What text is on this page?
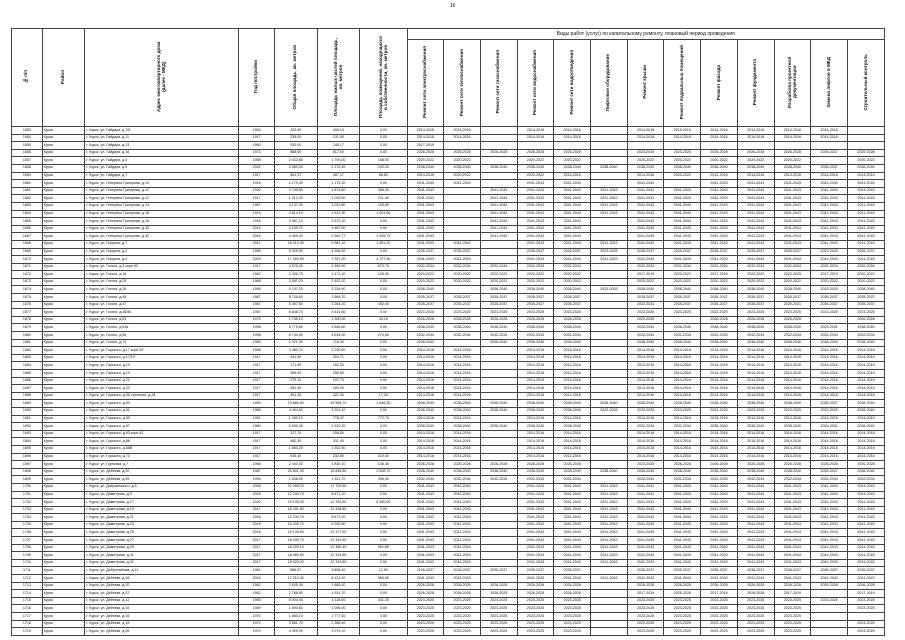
16
№ п/п	Район	Адрес многоквартирного дома (далее - МКД)	Год постройки	Общая площадь, кв. метров	Площадь жилых частей площадь, кв. метров	Площадь помещений, находящихся в собственности, кв. метров	Виды работ (услуг) по капитальному ремонту, плановый период проведения												
							Ремонт сети электроснабжения	Ремонт сети теплоснабжения	Ремонт сети газоснабжения	Ремонт сети водоснабжения	Ремонт сети водоотведения	Лифтовое оборудование	Ремонт крыши	Ремонт подвальных помещений	Ремонт фасада	Ремонт фундамента	Разработка проектной документации	Замена лифтов в МКД	Строительный контроль
1653	Курск	г. Курск, ул. Гайдара, д.7/8	1954	453,50	406,10	0,00	2014-2016	2014-2016		2014-2016	2014-2016		2014-2016	2019-2019	2014-2016	2014-2016	2014-2016	2014-2016	
1654	Курск	г. Курск, ул. Гайдара, д.11	1917	235,00	131,90	0,00	2014-2016	2014-2016		2014-2016	2014-2016		2014-2016	2014-2016	2014-2016	2014-2016	2014-2016	2014-2016	
1655	Курск	г. Курск, ул. Гайдара, д.13	1960	250,00	245,17	0,00	2017-2019												
1656	Курск	г. Курск, ул. Гайдара, д.16	1973	868,00	817,00	0,00	2026-2028	2026-2028	2026-2028	2026-2028	2026-2028		2023-2025	2023-2025	2026-2028	2026-2028	2026-2028	2035-2037	2025-2028
1657	Курск	г. Курск, ул. Гайдара, д.4	1958	2 432,80	1 790,00	158,50	2020-2022	2020-2022		2020-2022	2020-2022		2020-2022	2020-2022	2020-2022	2020-2022	2020-2022		2020-2022
1658	Курск	г. Курск, ул. Гайдара, д.5	2001	3 980,00	2 270,40	192,20	2038-2040	2038-2040	2038-2040	2038-2040	2038-2040	2038-2040	2038-2040	2038-2040	2038-2040	2038-2040	2038-2040	2035-2037	2038-2040
1659	Курск	г. Курск, ул. Гайдара, д.7	1917	561,37	457,17	88,80	2014-2016	2020-2022		2020-2022	2014-2016		2014-2016	2020-2022	2014-2016	2014-2016	2014-2016	2014-2016	2014-2016
1660	Курск	г. Курск, ул. Генерала Григорова, д.10	1916	1 179,30	1 179,30	0,00	2041-2043	2041-2043		2041-2043	2041-2043		2041-2043		2041-2043	2041-2043	2041-2043	2041-2043	2041-2043
1661	Курск	г. Курск, ул. Генерала Григорова, д.12	1920	2 749,80	1 874,80	368,20	2041-2043		2041-2043	2041-2043	2041-2043	2041-2043	2041-2043	2041-2043	2041-2043	2041-2043	2041-2043	2041-2043	2041-2043
1662	Курск	г. Курск, ул. Генерала Григорова, д.12	1917	1 212,00	1 000,50	211,40	2041-2043		2041-2043	2041-2043	2041-2043	2041-2043	2041-2043	2041-2043	2041-2043	2041-2043	2041-2043	2041-2043	2041-2043
1663	Курск	г. Курск, ул. Генерала Григорова, д.14	1957	3 137,40	3 031,60	105,80	2041-2043		2041-2043	2041-2043	2041-2043	2041-2043	2041-2043	2041-2043	2041-2043	2041-2043	2041-2043	2041-2043	2041-2043
1664	Курск	г. Курск, ул. Генерала Григорова, д.16	1919	3 614,10	2 612,30	1 001,80	2041-2043		2041-2043	2041-2043	2041-2043	2041-2043	2041-2043	2041-2043	2041-2043	2041-2043	2041-2043	2041-2043	2041-2043
1665	Курск	г. Курск, ул. Генерала Григорова, д.18	1916	3 067,10	2 572,10	0,00	2041-2043		2041-2043	2041-2043	2041-2043		2041-2043	2041-2043	2041-2043	2041-2043	2041-2043	2041-2043	2041-2043
1666	Курск	г. Курск, ул. Генерала Григорова, д.40	2016	4 109,70	3 487,90	0,00	2041-2043		2041-2043	2041-2043	2041-2043		2041-2043	2041-2043	2041-2043	2041-2043	2041-2043	2041-2043	2041-2043
1667	Курск	г. Курск, ул. Генерала Григорова, д.42	2016	4 469,40	2 362,77	2 505,73	2041-2043		2041-2043	2041-2043	2041-2043		2041-2043	2041-2043	2041-2043	2041-2043	2041-2043	2041-2043	2041-2043
1668	Курск	г. Курск, ул. Герцена, д.7	2011	16 310,30	9 981,10	1 451,20	2041-2043	2041-2043		2041-2043	2041-2043	2041-2043	2041-2043	2041-2043	2041-2043	2041-2043	2041-2043	2041-2043	2041-2043
1669	Курск	г. Курск, ул. Герцена, д.2	1986	5 305,90	4 966,40	0,00	2035-2037	2035-2037		2035-2037	2035-2037	2023-2025	2035-2037	2035-2037	2035-2037	2035-2037	2035-2037	2023-2025	2035-2037
1670	Курск	г. Курск, ул. Герцена, д.4	2009	17 003,90	7 357,20	4 727,50	2041-2043	2041-2043		2041-2043	2041-2043	2041-2043	2041-2043	2041-2043	2041-2043	2041-2043	2041-2043	2041-2043	2041-2043
1671	Курск	г. Курск, ул. Гоголя, д.3 корп.90	1917	4 870,20	2 469,90	870,70	2032-2034	2032-2034	2032-2034	2032-2034	2032-2034		2032-2034	2032-2034	2032-2034	2032-2034	2032-2034	2032-2034	2032-2034
1672	Курск	г. Курск, ул. Гоголя, д.18	1962	2 436,75	1 471,10	126,40	2020-2022	2020-2022	2020-2022	2020-2022	2020-2022		2017-2019	2020-2022	2017-2019	2020-2022	2023-2025	2017-2019	2020-2022
1673	Курск	г. Курск, ул. Гоголя, д.25	1968	3 087,20	2 632,20	0,00	2020-2022	2020-2022	2020-2022	2020-2022	2020-2022		2020-2022	2020-2022	2020-2022	2020-2022	2020-2022	2020-2022	2020-2022
1674	Курск	г. Курск, ул. Гоголя, д.26	1998	9 247,20	3 234,90	0,00	2038-2040		2038-2040	2038-2040	2038-2040	2023-2025	2038-2040	2038-2040	2038-2040	2038-2040	2038-2040	2023-2025	2038-2040
1675	Курск	г. Курск, ул. Гоголя, д.46	1987	5 728,60	3 564,70	0,00	2035-2037	2035-2037	2035-2037	2035-2037	2035-2037		2035-2037	2035-2037	2035-2037	2035-2037	2035-2037	2035-2037	2035-2037
1676	Курск	г. Курск, ул. Гоголя, д.47	1987	5 457,60	3 264,20	492,40	2035-2037	2035-2037	2035-2037	2035-2037	2035-2037		2032-2034	2035-2037	2035-2037	2035-2037	2029-2031	2035-2037	2035-2037
1677	Курск	г. Курск, ул. Гоголя, д.48/50	1987	6 848,70	4 431,80	0,00	2023-2025	2023-2025	2023-2025	2023-2025	2023-2025		2023-2025	2023-2025	2023-2025	2023-2025	2023-2025	2023-2025	2023-2025
1678	Курск	г. Курск, ул. Гоголя, д.53	1975	1 745,10	1 300,00	44,10	2026-2028	2026-2028	2026-2028	2026-2028	2026-2028		2023-2025		2026-2028	2026-2028	2026-2028		2026-2028
1679	Курск	г. Курск, ул. Гоголя, д.53а	1996	5 779,80	3 546,80	0,00	2038-2040	2038-2040	2038-2040	2038-2040	2038-2040		2032-2034	2038-2040	2038-2040	2038-2040	2038-2040	2029-2031	2038-2040
1680	Курск	г. Курск, ул. Гоголя, д.55	1996	8 744,50	4 634,00	274,50	2032-2034	2032-2034	2032-2034	2032-2034	2032-2034		2032-2034	2032-2034	2032-2034	2032-2034	2032-2034	2032-2034	2032-2034
1681	Курск	г. Курск, ул. Гоголя, д.73	1989	1 021,90	716,30	0,00	2038-2040		2038-2040	2038-2040	2038-2040		2038-2040	2038-2040	2038-2040	2038-2040	2038-2040	2038-2040	2038-2040
1682	Курск	г. Курск, ул. Горького, д.17 корп.20	1958	3 480,70	3 290,60	0,00	2014-2016	2014-2016		2014-2016	2014-2016		2014-2016	2014-2016	2014-2016	2014-2016	2014-2016	2014-2016	2014-2016
1683	Курск	г. Курск, ул. Горького, д.17/19	1917	441,50	204,71	0,00	2014-2016	2014-2016		2014-2016	2014-2016		2014-2016	2014-2016	2014-2016	2014-2016	2014-2016	2014-2016	2014-2016
1684	Курск	г. Курск, ул. Горького, д.19	1917	171,90	162,30	0,00	2014-2016	2014-2016		2014-2016	2014-2016		2014-2016	2014-2016	2014-2016	2014-2016	2014-2016	2014-2016	2014-2016
1685	Курск	г. Курск, ул. Горького, д.19	1917	306,00	258,80	0,00	2014-2016	2014-2016		2014-2016	2014-2016		2014-2016	2014-2016	2014-2016	2014-2016	2014-2016	2014-2016	2014-2016
1686	Курск	г. Курск, ул. Горького, д.21	1917	279,10	197,70	0,00	2014-2016	2014-2016		2014-2016	2014-2016		2014-2016	2014-2016	2014-2016	2014-2016	2014-2016	2014-2016	2014-2016
1687	Курск	г. Курск, ул. Горького, д.23	1917	281,40	183,30	0,00	2014-2016	2014-2016		2014-2016	2014-2016		2014-2016	2014-2016	2014-2016	2014-2016	2014-2016	2014-2016	2014-2016
1688	Курск	г. Курск, ул. Горького, д.36 строение, д.28	1917	491,30	421,30	17,30	2014-2016	2014-2016		2014-2016	2014-2016		2014-2016	2014-2016	2014-2016	2014-2016	2014-2016	2014-2016	2014-2016
1689	Курск	г. Курск, ул. Горького, д.50	1990	13 866,80	10 554,70	1 846,50	2038-2040	2038-2040	2038-2040	2038-2040	2038-2040	2038-2040	2038-2040	2038-2040	2038-2040	2038-2040	2038-2040	2035-2037	2038-2040
1690	Курск	г. Курск, ул. Горького, д.51	1986	4 494,60	3 201,10	0,00	2038-2040	2038-2040	2038-2040	2038-2040	2038-2040	2023-2025	2023-2025	2023-2025	2023-2025	2023-2025	2023-2025	2023-2025	2038-2040
1691	Курск	г. Курск, ул. Горького, д.55	1951	1 250,13	778,47	772,70	2014-2016	2014-2016		2014-2016	2014-2016		2014-2016	2014-2016	2014-2016	2014-2016	2014-2016	2014-2016	2014-2016
1692	Курск	г. Курск, ул. Горького, д.57	1980	3 930,40	2 910,20	0,00	2038-2040	2038-2040	2038-2040	2038-2040	2038-2040		2032-2034	2032-2034	2038-2040	2038-2040	2038-2040	2029-2031	2038-2040
1693	Курск	г. Курск, ул. Горького, д.63 корп.42	1917	327,70	158,80	0,00	2014-2016	2014-2016		2014-2016	2014-2016		2014-2016	2014-2016	2014-2016	2014-2016	2014-2016	2014-2016	2014-2016
1694	Курск	г. Курск, ул. Горького, д.66	1917	480,30	311,40	0,00	2014-2016	2014-2016		2014-2016	2014-2016		2014-2016	2014-2016	2014-2016	2014-2016	2014-2016	2014-2016	2014-2016
1695	Курск	г. Курск, ул. Горького, д.66В	1917	1 863,20	1 352,50	0,00	2014-2016	2014-2016		2014-2016	2014-2016		2014-2016	2014-2016	2014-2016	2014-2016	2014-2016	2014-2016	2014-2016
1696	Курск	г. Курск, ул. Горького, д.72	1917	645,40	232,80	210,00	2014-2016	2014-2016		2014-2016	2014-2016		2014-2016	2014-2016	2014-2016	2014-2016	2014-2016	2014-2016	2014-2016
1697	Курск	г. Курск, ул. Гуртьева, д.7	1968	2 443,00	1 835,10	138,40	2026-2028	2026-2028	2026-2028	2026-2028	2026-2028		2023-2025	2026-2028	2026-2028	2026-2028	2026-2028	2026-2028	2026-2028
1698	Курск	г. Курск, ул. Дейнеки, д.20	1987	20 601,40	15 846,80	2 508,70	2038-2040	2038-2040	2038-2040	2038-2040	2038-2040	2038-2040	2038-2040	2038-2040	2038-2040	2038-2040	2038-2040	2035-2037	2038-2040
1699	Курск	г. Курск, ул. Дейнеки, д.39	1994	1 838,00	1 341,70	396,40	2032-2034	2032-2034	2032-2034	2032-2034	2032-2034		2032-2034	2032-2034	2032-2034	2032-2034	2032-2034	2032-2034	2032-2034
1700	Курск	г. Курск, ул. Дзержинского, д.5	2006	22 358,20	17 700,60	0,00	2041-2043	2041-2043		2041-2043	2041-2043	2041-2043	2041-2043	2041-2043	2041-2043	2041-2043	2041-2043	2041-2043	2041-2043
1701	Курск	г. Курск, ул. Димитрова, д.9	2018	12 245,70	8 871,20	0,00	2041-2043	2041-2043		2041-2043	2041-2043	2041-2043	2041-2043	2041-2043	2041-2043	2041-2043	2041-2043	2041-2043	2041-2043
1702	Курск	г. Курск, ул. Димитрова, д.17	2020	19 135,00	12 330,50	6 390,60	2041-2043	2041-2043		2041-2043	2041-2043	2041-2043	2041-2043	2041-2043	2041-2043	2041-2043	2041-2043	2041-2043	2041-2043
1703	Курск	г. Курск, ул. Димитрова, д.19	2017	18 431,80	11 348,80	0,00	2041-2043	2041-2043		2041-2043	2041-2043	2041-2043	2041-2043	2041-2043	2041-2043	2041-2043	2041-2043	2041-2043	2041-2043
1704	Курск	г. Курск, ул. Димитрова, д.21	2018	12 240,70	8 871,20	0,00	2041-2043	2041-2043		2041-2043	2041-2043	2041-2043	2041-2043	2041-2043	2041-2043	2041-2043	2041-2043	2041-2043	2041-2043
1705	Курск	г. Курск, ул. Димитрова, д.23	2018	13 435,70	9 290,80	0,00	2041-2043	2041-2043		2041-2043	2041-2043	2041-2043	2041-2043	2041-2043	2041-2043	2041-2043	2041-2043	2041-2043	2041-2043
1706	Курск	г. Курск, ул. Димитрова, д.25	2018	19 135,50	12 377,50	0,00	2041-2043	2041-2043		2041-2043	2041-2043	2041-2043	2041-2043	2041-2043	2041-2043	2041-2043	2041-2043	2041-2043	2041-2043
1707	Курск	г. Курск, ул. Димитрова, д.27	2017	18 430,70	12 343,80	0,00	2041-2043	2041-2043		2041-2043	2041-2043	2041-2043	2041-2043	2041-2043	2041-2043	2041-2043	2041-2043	2041-2043	2041-2043
1708	Курск	г. Курск, ул. Димитрова, д.29	2017	18 209,10	12 480,40	601,80	2041-2043	2041-2043		2041-2043	2041-2043	2041-2043	2041-2043	2041-2043	2041-2043	2041-2043	2041-2043	2041-2043	2041-2043
1709	Курск	г. Курск, ул. Димитрова, д.31	2017	18 460,90	12 343,80	0,00	2041-2043	2041-2043		2041-2043	2041-2043	2041-2043	2041-2043	2041-2043	2041-2043	2041-2043	2041-2043	2041-2043	2041-2043
1710	Курск	г. Курск, ул. Димитрова, д.41	2017	18 420,20	12 343,80	0,00	2041-2043	2041-2043		2041-2043	2041-2043	2041-2043	2041-2043	2041-2043	2041-2043	2041-2043	2041-2043	2041-2043	2041-2043
1711	Курск	г. Курск, ул. Добролюбова, д.14	1981	566,57	3 896,40	12,50	2035-2037	2035-2037	2035-2037	2035-2037	2035-2037		2035-2037	2035-2037	2035-2037	2035-2037	2035-2037	2035-2037	2035-2037
1712	Курск	г. Курск, ул. Дейнеки, д.16	2016	12 210,40	8 121,40	963,60	2041-2043	2041-2043		2041-2043	2041-2043	2041-2043	2041-2043	2041-2043	2041-2043	2041-2043	2041-2043	2041-2043	2041-2043
1713	Курск	г. Курск, ул. Дейнеки, д.20	1962	2 635,40	1 865,10	0,00	2026-2028	2026-2028	2026-2028	2026-2028	2026-2028		2026-2028	2026-2028	2026-2028	2026-2028	2026-2028	2026-2028	2026-2028
1714	Курск	г. Курск, ул. Дейнеки, д.22	1962	2 766,60	1 931,70	0,00	2026-2028	2026-2028	2026-2028	2026-2028	2026-2028		2017-2019	2026-2028	2017-2019	2026-2028	2017-2019		2017-2019
1715	Курск	г. Курск, ул. Дейнеки, д.12	1993	6 004,40	4 116,00	341,30	2023-2025	2023-2025	2023-2025	2023-2025	2023-2025		2023-2025	2023-2025	2023-2025	2023-2025	2023-2025	2023-2025	2023-2025
1716	Курск	г. Курск, ул. Дейнеки, д.15	1989	1 593,60	1 056,00	0,00	2023-2025	2023-2025	2023-2025	2023-2025	2023-2025		2023-2025	2023-2025	2023-2025	2023-2025	2023-2025		2023-2025
1717	Курск	г. Курск, ул. Дейнеки, д.16	1970	1 883,10	1 777,40	0,00	2023-2025	2023-2025	2023-2025	2023-2025	2023-2025		2023-2025	2023-2025	2023-2025	2023-2025	2023-2025		
1718	Курск	г. Курск, ул. Дейнеки, д.18	1972	3 681,70	2 386,40	0,00	2023-2025	2023-2025	2023-2025	2023-2025	2023-2025		2023-2025	2023-2025	2023-2025	2023-2025	2023-2025		2023-2025
1719	Курск	г. Курск, ул. Дейнеки, д.26	1970	4 499,90	3 074,10	0,00	2023-2025	2023-2025	2023-2025	2023-2025	2023-2025		2023-2025	2023-2025	2023-2025	2023-2025	2023-2025		2023-2025
